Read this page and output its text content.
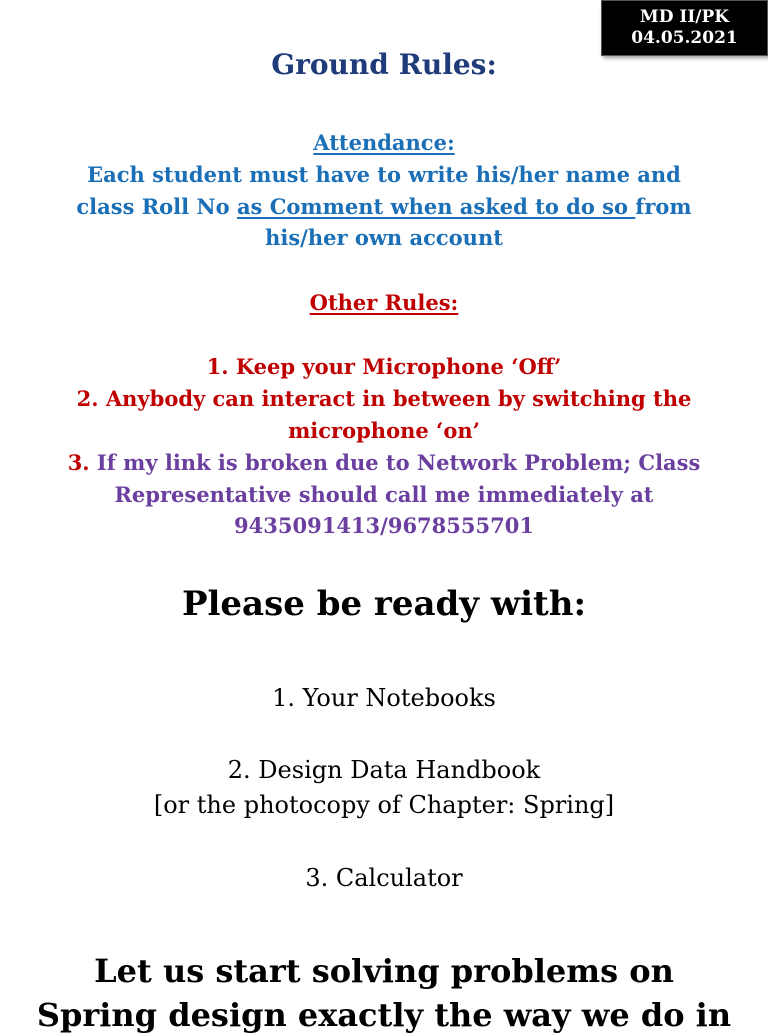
MD II/PK
04.05.2021
Ground Rules:
Attendance:
Each student must have to write his/her name and
class Roll No as Comment when asked to do so from
his/her own account
Other Rules:
1. Keep your Microphone ‘Off’
2. Anybody can interact in between by switching the
microphone ‘on’
3. If my link is broken due to Network Problem; Class
Representative should call me immediately at
9435091413/9678555701
Please be ready with:
1. Your Notebooks
2. Design Data Handbook
[or the photocopy of Chapter: Spring]
3. Calculator
Let us start solving problems on
Spring design exactly the way we do in
